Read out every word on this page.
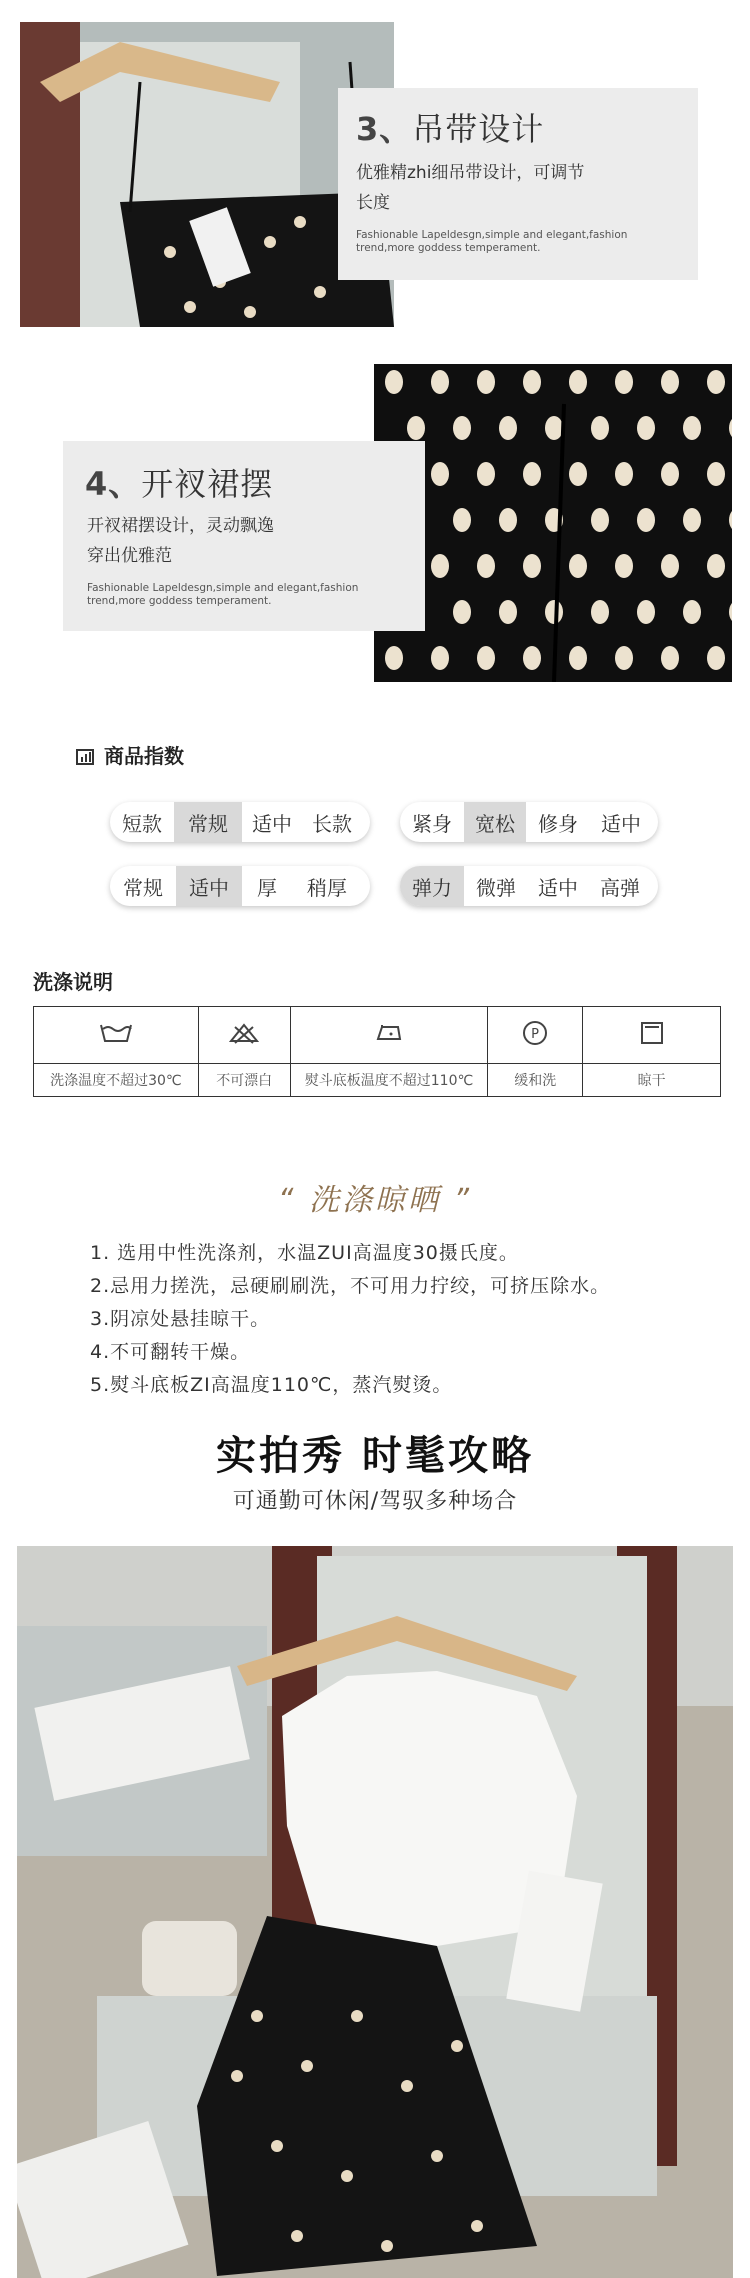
3、吊带设计
优雅精zhi细吊带设计，可调节
长度
Fashionable Lapeldesgn,simple and elegant,fashion
trend,more goddess temperament.
4、开衩裙摆
开衩裙摆设计，灵动飘逸
穿出优雅范
Fashionable Lapeldesgn,simple and elegant,fashion
trend,more goddess temperament.
商品指数
短款	常规	适中	长款	紧身	宽松	修身	适中
常规	适中	厚	稍厚	弹力	微弹	适中	高弹
洗涤说明

P

洗涤温度不超过30℃	不可漂白	熨斗底板温度不超过110℃	缓和洗	晾干
“ 洗涤晾晒 ”
1. 选用中性洗涤剂，水温ZUI高温度30摄氏度。
2.忌用力搓洗，忌硬刷刷洗，不可用力拧绞，可挤压除水。
3.阴凉处悬挂晾干。
4.不可翻转干燥。
5.熨斗底板ZI高温度110℃，蒸汽熨烫。
实拍秀 时髦攻略
可通勤可休闲/驾驭多种场合
